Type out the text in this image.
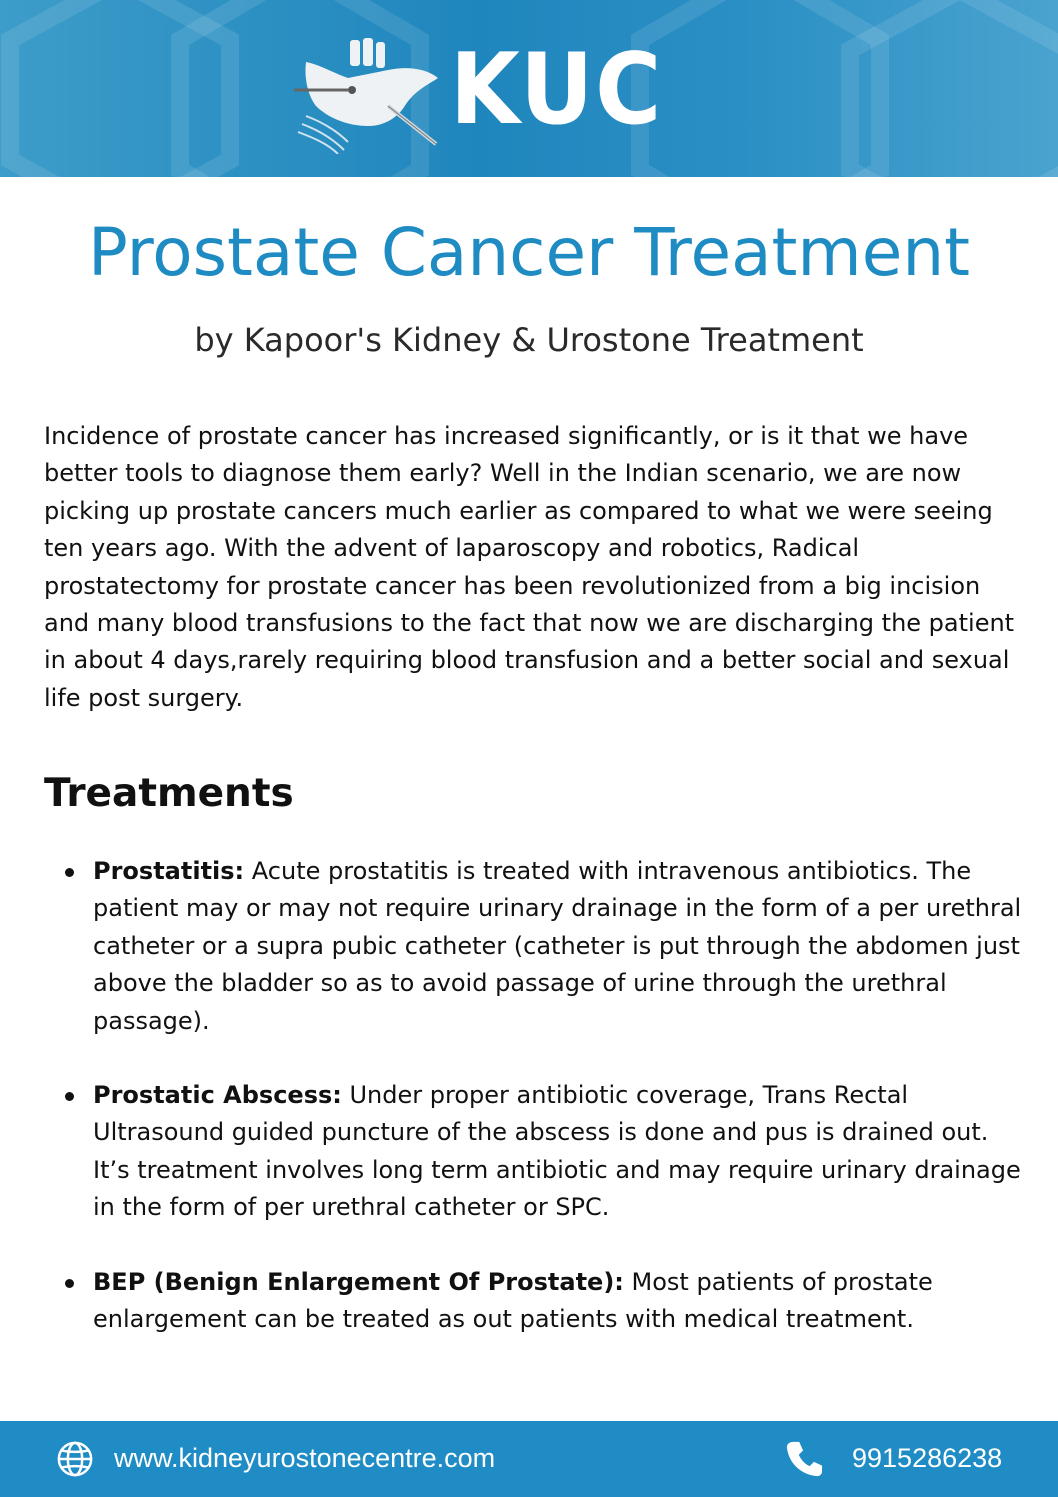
KUC
Prostate Cancer Treatment
by Kapoor's Kidney & Urostone Treatment
Incidence of prostate cancer has increased significantly, or is it that we have better tools to diagnose them early? Well in the Indian scenario, we are now picking up prostate cancers much earlier as compared to what we were seeing ten years ago. With the advent of laparoscopy and robotics, Radical prostatectomy for prostate cancer has been revolutionized from a big incision and many blood transfusions to the fact that now we are discharging the patient in about 4 days,rarely requiring blood transfusion and a better social and sexual life post surgery.
Treatments
Prostatitis: Acute prostatitis is treated with intravenous antibiotics. The patient may or may not require urinary drainage in the form of a per urethral catheter or a supra pubic catheter (catheter is put through the abdomen just above the bladder so as to avoid passage of urine through the urethral passage).
Prostatic Abscess: Under proper antibiotic coverage, Trans Rectal Ultrasound guided puncture of the abscess is done and pus is drained out. It’s treatment involves long term antibiotic and may require urinary drainage in the form of per urethral catheter or SPC.
BEP (Benign Enlargement Of Prostate): Most patients of prostate enlargement can be treated as out patients with medical treatment.
www.kidneyurostonecentre.com	9915286238
